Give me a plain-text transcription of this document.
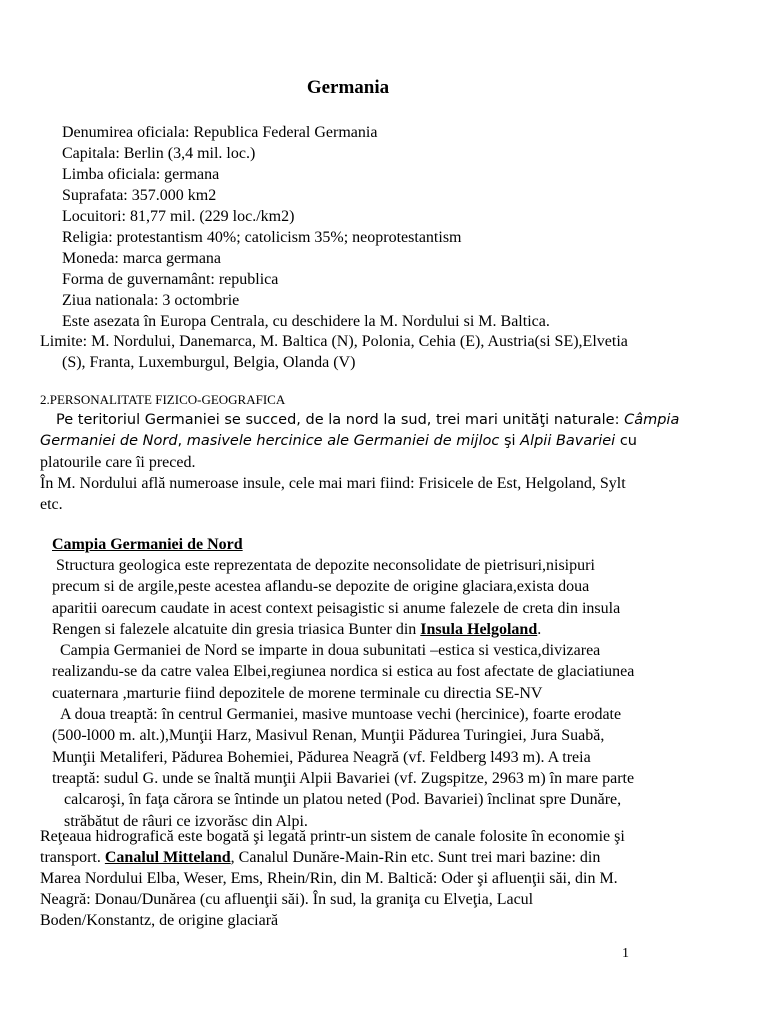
Germania
Denumirea oficiala: Republica Federal Germania
Capitala: Berlin (3,4 mil. loc.)
Limba oficiala: germana
Suprafata: 357.000 km2
Locuitori: 81,77 mil. (229 loc./km2)
Religia: protestantism 40%; catolicism 35%; neoprotestantism
Moneda: marca germana
Forma de guvernamânt: republica
Ziua nationala: 3 octombrie
Este asezata în Europa Centrala, cu deschidere la M. Nordului si M. Baltica.
Limite: M. Nordului, Danemarca, M. Baltica (N), Polonia, Cehia (E), Austria(si SE),Elvetia
(S), Franta, Luxemburgul, Belgia, Olanda (V)
2.PERSONALITATE FIZICO-GEOGRAFICA
Pe teritoriul Germaniei se succed, de la nord la sud, trei mari unităţi naturale: Câmpia
Germaniei de Nord, masivele hercinice ale Germaniei de mijloc şi Alpii Bavariei cu
platourile care îi preced.
În M. Nordului află numeroase insule, cele mai mari fiind: Frisicele de Est, Helgoland, Sylt
etc.
Campia Germaniei de Nord
Structura geologica este reprezentata de depozite neconsolidate de pietrisuri,nisipuri
precum si de argile,peste acestea aflandu-se depozite de origine glaciara,exista doua
aparitii oarecum caudate in acest context peisagistic si anume falezele de creta din insula
Rengen si falezele alcatuite din gresia triasica Bunter din Insula Helgoland.
Campia Germaniei de Nord se imparte in doua subunitati –estica si vestica,divizarea
realizandu-se da catre valea Elbei,regiunea nordica si estica au fost afectate de glaciatiunea
cuaternara ,marturie fiind depozitele de morene terminale cu directia SE-NV
A doua treaptă: în centrul Germaniei, masive muntoase vechi (hercinice), foarte erodate
(500-l000 m. alt.),Munţii Harz, Masivul Renan, Munţii Pădurea Turingiei, Jura Suabă,
Munţii Metaliferi, Pădurea Bohemiei, Pădurea Neagră (vf. Feldberg l493 m). A treia
treaptă: sudul G. unde se înaltă munţii Alpii Bavariei (vf. Zugspitze, 2963 m) în mare parte
calcaroşi, în faţa cărora se întinde un platou neted (Pod. Bavariei) înclinat spre Dunăre,
străbătut de râuri ce izvorăsc din Alpi.
Reţeaua hidrografică este bogată şi legată printr-un sistem de canale folosite în economie şi
transport. Canalul Mitteland, Canalul Dunăre-Main-Rin etc. Sunt trei mari bazine: din
Marea Nordului Elba, Weser, Ems, Rhein/Rin, din M. Baltică: Oder şi afluenţii săi, din M.
Neagră: Donau/Dunărea (cu afluenţii săi). În sud, la graniţa cu Elveţia, Lacul
Boden/Konstantz, de origine glaciară
1
